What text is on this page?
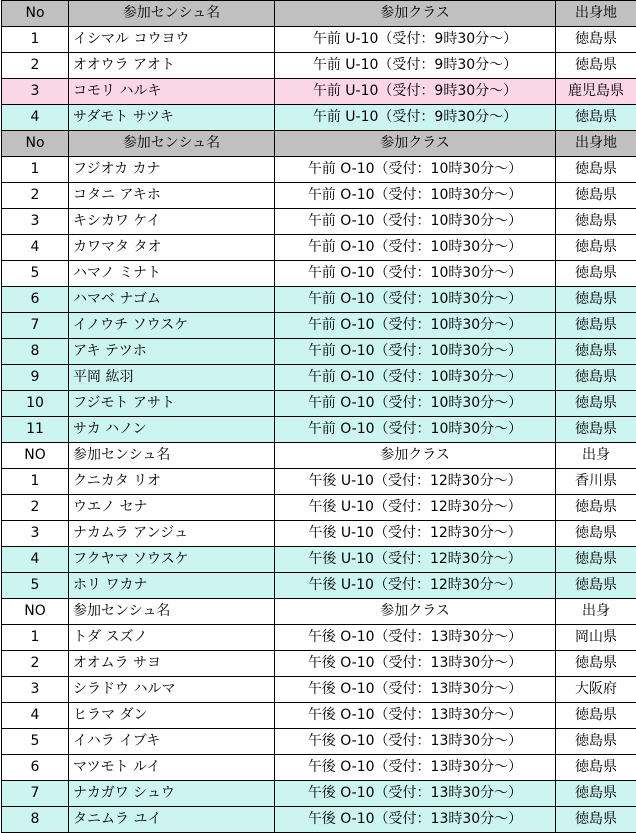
No	参加センシュ名	参加クラス	出身地
1	イシマル コウヨウ	午前 U-10（受付：9時30分〜）	徳島県
2	オオウラ アオト	午前 U-10（受付：9時30分〜）	徳島県
3	コモリ ハルキ	午前 U-10（受付：9時30分〜）	鹿児島県
4	サダモト サツキ	午前 U-10（受付：9時30分〜）	徳島県
No	参加センシュ名	参加クラス	出身地
1	フジオカ カナ	午前 O-10（受付：10時30分〜）	徳島県
2	コタニ アキホ	午前 O-10（受付：10時30分〜）	徳島県
3	キシカワ ケイ	午前 O-10（受付：10時30分〜）	徳島県
4	カワマタ タオ	午前 O-10（受付：10時30分〜）	徳島県
5	ハマノ ミナト	午前 O-10（受付：10時30分〜）	徳島県
6	ハマベ ナゴム	午前 O-10（受付：10時30分〜）	徳島県
7	イノウチ ソウスケ	午前 O-10（受付：10時30分〜）	徳島県
8	アキ テツホ	午前 O-10（受付：10時30分〜）	徳島県
9	平岡 紘羽	午前 O-10（受付：10時30分〜）	徳島県
10	フジモト アサト	午前 O-10（受付：10時30分〜）	徳島県
11	サカ ハノン	午前 O-10（受付：10時30分〜）	徳島県
NO	参加センシュ名	参加クラス	出身
1	クニカタ リオ	午後 U-10（受付：12時30分〜）	香川県
2	ウエノ セナ	午後 U-10（受付：12時30分〜）	徳島県
3	ナカムラ アンジュ	午後 U-10（受付：12時30分〜）	徳島県
4	フクヤマ ソウスケ	午後 U-10（受付：12時30分〜）	徳島県
5	ホリ ワカナ	午後 U-10（受付：12時30分〜）	徳島県
NO	参加センシュ名	参加クラス	出身
1	トダ スズノ	午後 O-10（受付：13時30分〜）	岡山県
2	オオムラ サヨ	午後 O-10（受付：13時30分〜）	徳島県
3	シラドウ ハルマ	午後 O-10（受付：13時30分〜）	大阪府
4	ヒラマ ダン	午後 O-10（受付：13時30分〜）	徳島県
5	イハラ イブキ	午後 O-10（受付：13時30分〜）	徳島県
6	マツモト ルイ	午後 O-10（受付：13時30分〜）	徳島県
7	ナカガワ シュウ	午後 O-10（受付：13時30分〜）	徳島県
8	タニムラ ユイ	午後 O-10（受付：13時30分〜）	徳島県
